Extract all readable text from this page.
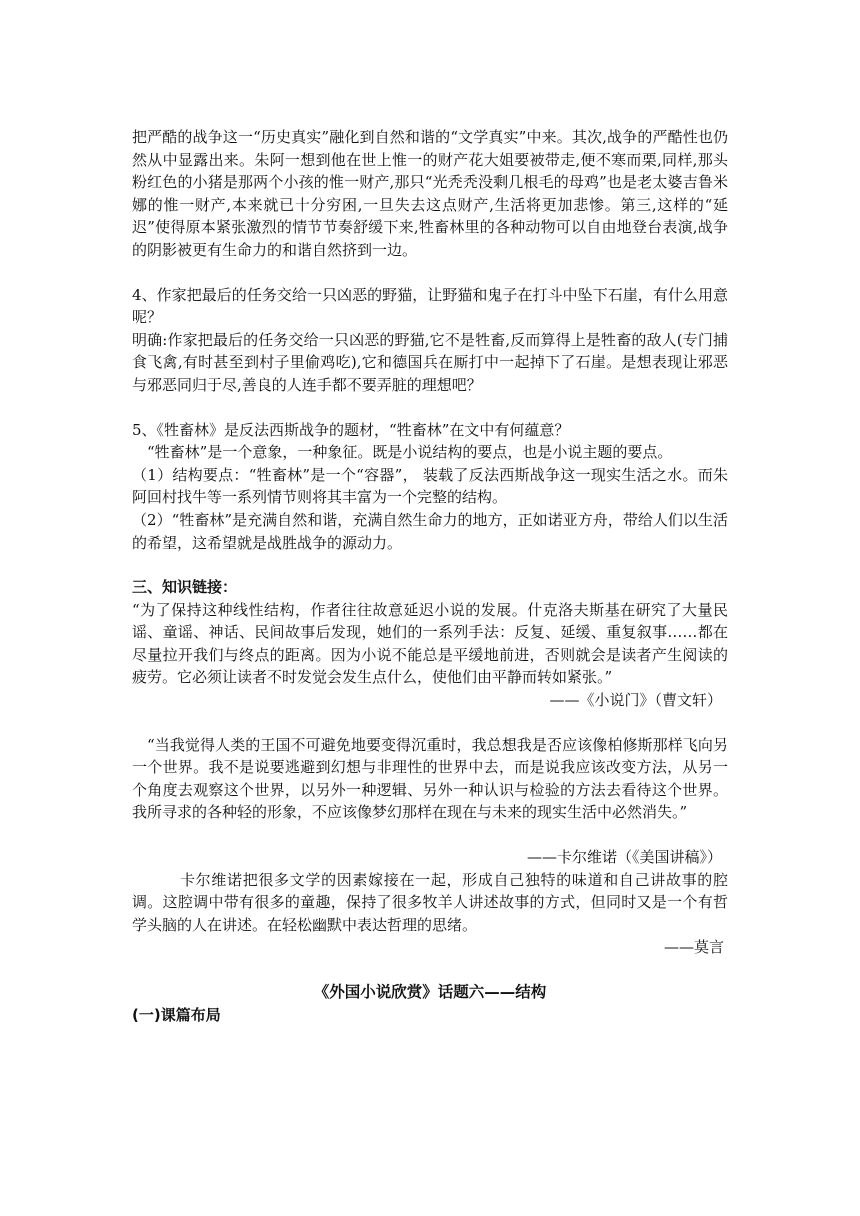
把严酷的战争这一“历史真实”融化到自然和谐的“文学真实”中来。其次,战争的严酷性也仍然从中显露出来。朱阿一想到他在世上惟一的财产花大姐要被带走,便不寒而栗,同样,那头粉红色的小猪是那两个小孩的惟一财产,那只“光秃秃没剩几根毛的母鸡”也是老太婆吉鲁米娜的惟一财产,本来就已十分穷困,一旦失去这点财产,生活将更加悲惨。第三,这样的“延迟”使得原本紧张激烈的情节节奏舒缓下来,牲畜林里的各种动物可以自由地登台表演,战争的阴影被更有生命力的和谐自然挤到一边。

4、作家把最后的任务交给一只凶恶的野猫，让野猫和鬼子在打斗中坠下石崖，有什么用意呢？

明确:作家把最后的任务交给一只凶恶的野猫,它不是牲畜,反而算得上是牲畜的敌人(专门捕食飞禽,有时甚至到村子里偷鸡吃),它和德国兵在厮打中一起掉下了石崖。是想表现让邪恶与邪恶同归于尽,善良的人连手都不要弄脏的理想吧？

5、《牲畜林》是反法西斯战争的题材，“牲畜林”在文中有何蕴意？

“牲畜林”是一个意象，一种象征。既是小说结构的要点，也是小说主题的要点。

（1）结构要点：“牲畜林”是一个“容器”， 装载了反法西斯战争这一现实生活之水。而朱阿回村找牛等一系列情节则将其丰富为一个完整的结构。

（2）“牲畜林”是充满自然和谐，充满自然生命力的地方，正如诺亚方舟，带给人们以生活的希望，这希望就是战胜战争的源动力。

三、知识链接：

“为了保持这种线性结构，作者往往故意延迟小说的发展。什克洛夫斯基在研究了大量民谣、童谣、神话、民间故事后发现，她们的一系列手法：反复、延缓、重复叙事……都在尽量拉开我们与终点的距离。因为小说不能总是平缓地前进，否则就会是读者产生阅读的疲劳。它必须让读者不时发觉会发生点什么，使他们由平静而转如紧张。”

——《小说门》（曹文轩）

“当我觉得人类的王国不可避免地要变得沉重时，我总想我是否应该像柏修斯那样飞向另一个世界。我不是说要逃避到幻想与非理性的世界中去，而是说我应该改变方法，从另一个角度去观察这个世界，以另外一种逻辑、另外一种认识与检验的方法去看待这个世界。我所寻求的各种轻的形象，不应该像梦幻那样在现在与未来的现实生活中必然消失。”

——卡尔维诺（《美国讲稿》）

卡尔维诺把很多文学的因素嫁接在一起，形成自己独特的味道和自己讲故事的腔调。这腔调中带有很多的童趣，保持了很多牧羊人讲述故事的方式，但同时又是一个有哲学头脑的人在讲述。在轻松幽默中表达哲理的思绪。

——莫言

《外国小说欣赏》话题六——结构

(一)课篇布局
